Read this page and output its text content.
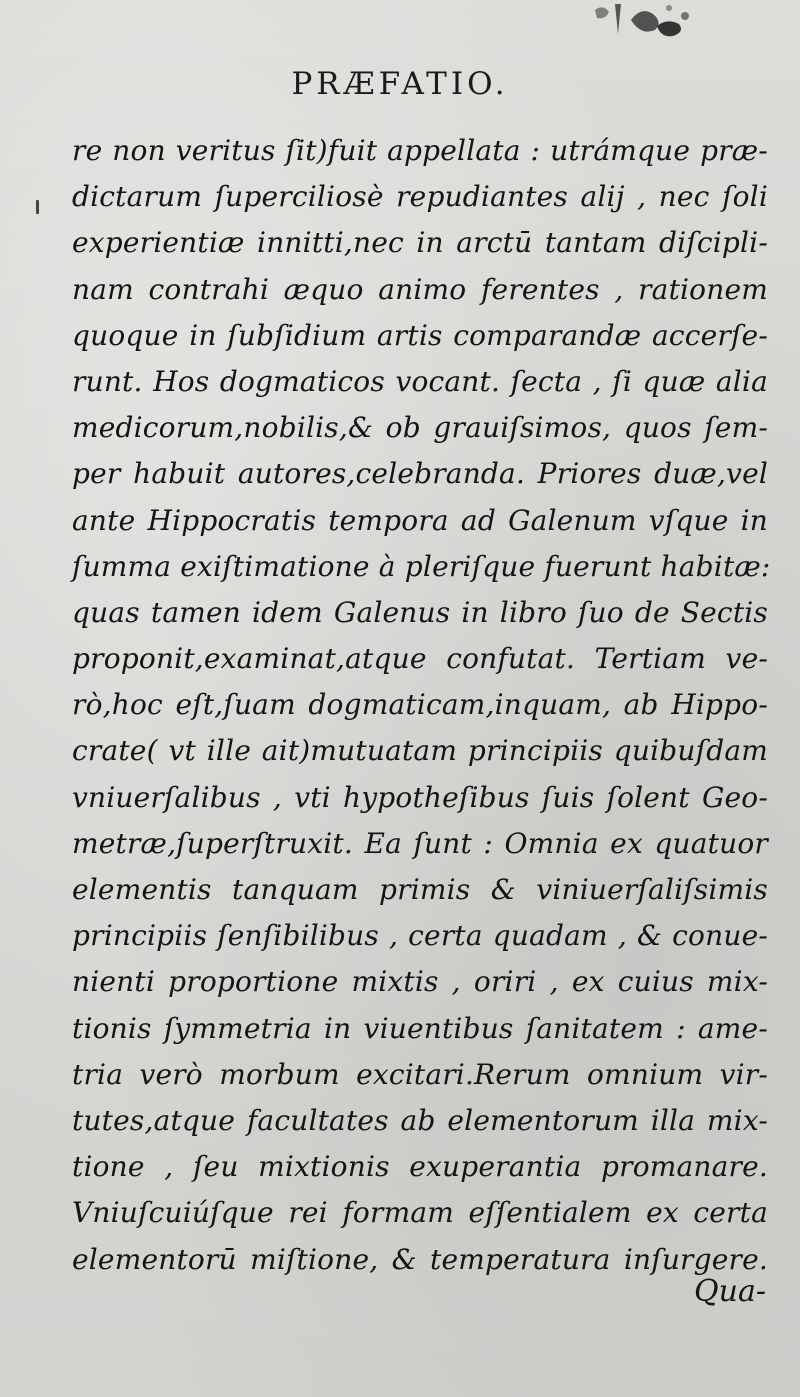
PRÆFATIO.
re non veritus ſit)fuit appellata : utrámque præ-
dictarum ſuperciliosè repudiantes alij , nec ſoli
experientiæ innitti,nec in arctū tantam diſcipli-
nam contrahi æquo animo ferentes , rationem
quoque in ſubſidium artis comparandæ accerſe-
runt. Hos dogmaticos vocant. ſecta , ſi quæ alia
medicorum,nobilis,& ob grauiſsimos, quos ſem-
per habuit autores,celebranda. Priores duæ,vel
ante Hippocratis tempora ad Galenum vſque in
ſumma exiſtimatione à pleriſque fuerunt habitæ:
quas tamen idem Galenus in libro ſuo de Sectis
proponit,examinat,atque confutat. Tertiam ve-
rò,hoc eſt,ſuam dogmaticam,inquam, ab Hippo-
crate( vt ille ait)mutuatam principiis quibuſdam
vniuerſalibus , vti hypotheſibus ſuis ſolent Geo-
metræ,ſuperſtruxit. Ea ſunt : Omnia ex quatuor
elementis tanquam primis & viniuerſaliſsimis
principiis ſenſibilibus , certa quadam , & conue-
nienti proportione mixtis , oriri , ex cuius mix-
tionis ſymmetria in viuentibus ſanitatem : ame-
tria verò morbum excitari.Rerum omnium vir-
tutes,atque facultates ab elementorum illa mix-
tione , ſeu mixtionis exuperantia promanare.
Vniuſcuiúſque rei formam eſſentialem ex certa
elementorū miſtione, & temperatura inſurgere.
Qua-
